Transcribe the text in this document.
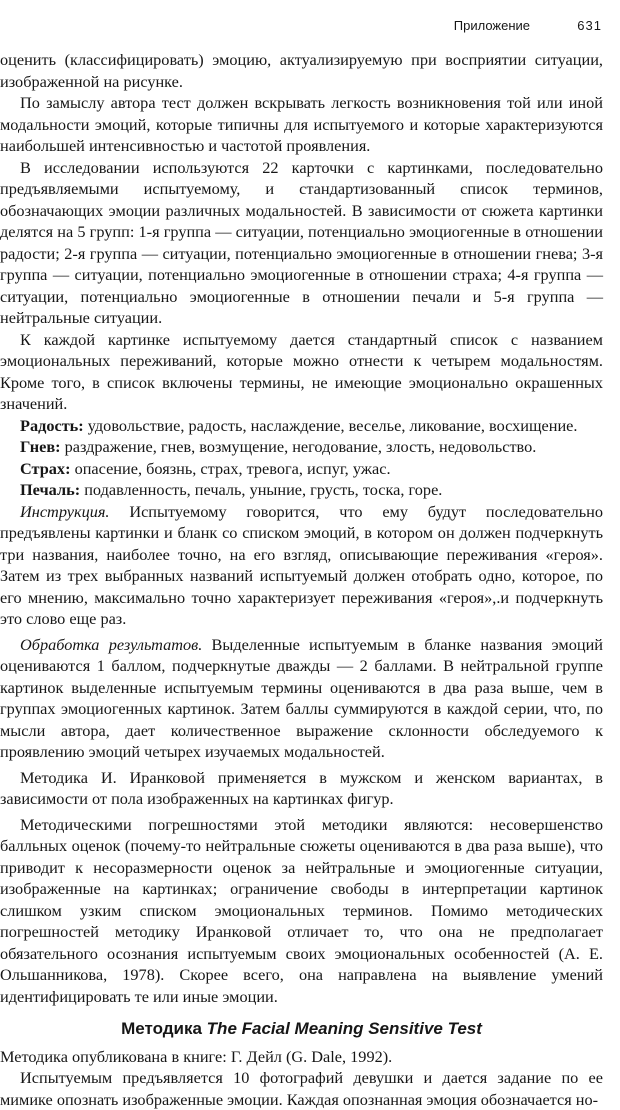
Приложение	631

оценить (классифицировать) эмоцию, актуализируемую при восприятии ситуации, изображенной на рисунке.

По замыслу автора тест должен вскрывать легкость возникновения той или иной модальности эмоций, которые типичны для испытуемого и которые характеризуются наибольшей интенсивностью и частотой проявления.

В исследовании используются 22 карточки с картинками, последовательно предъявляемыми испытуемому, и стандартизованный список терминов, обозначающих эмоции различных модальностей. В зависимости от сюжета картинки делятся на 5 групп: 1-я группа — ситуации, потенциально эмоциогенные в отношении радости; 2-я группа — ситуации, потенциально эмоциогенные в отношении гнева; 3-я группа — ситуации, потенциально эмоциогенные в отношении страха; 4-я группа — ситуации, потенциально эмоциогенные в отношении печали и 5-я группа — нейтральные ситуации.

К каждой картинке испытуемому дается стандартный список с названием эмоциональных переживаний, которые можно отнести к четырем модальностям. Кроме того, в список включены термины, не имеющие эмоционально окрашенных значений.

Радость: удовольствие, радость, наслаждение, веселье, ликование, восхищение.

Гнев: раздражение, гнев, возмущение, негодование, злость, недовольство.

Страх: опасение, боязнь, страх, тревога, испуг, ужас.

Печаль: подавленность, печаль, уныние, грусть, тоска, горе.

Инструкция. Испытуемому говорится, что ему будут последовательно предъявлены картинки и бланк со списком эмоций, в котором он должен подчеркнуть три названия, наиболее точно, на его взгляд, описывающие переживания «героя». Затем из трех выбранных названий испытуемый должен отобрать одно, которое, по его мнению, максимально точно характеризует переживания «героя»,.и подчеркнуть это слово еще раз.

Обработка результатов. Выделенные испытуемым в бланке названия эмоций оцениваются 1 баллом, подчеркнутые дважды — 2 баллами. В нейтральной группе картинок выделенные испытуемым термины оцениваются в два раза выше, чем в группах эмоциогенных картинок. Затем баллы суммируются в каждой серии, что, по мысли автора, дает количественное выражение склонности обследуемого к проявлению эмоций четырех изучаемых модальностей.

Методика И. Иранковой применяется в мужском и женском вариантах, в зависимости от пола изображенных на картинках фигур.

Методическими погрешностями этой методики являются: несовершенство балльных оценок (почему-то нейтральные сюжеты оцениваются в два раза выше), что приводит к несоразмерности оценок за нейтральные и эмоциогенные ситуации, изображенные на картинках; ограничение свободы в интерпретации картинок слишком узким списком эмоциональных терминов. Помимо методических погрешностей методику Иранковой отличает то, что она не предполагает обязательного осознания испытуемым своих эмоциональных особенностей (А. Е. Ольшанникова, 1978). Скорее всего, она направлена на выявление умений идентифицировать те или иные эмоции.

Методика The Facial Meaning Sensitive Test

Методика опубликована в книге: Г. Дейл (G. Dale, 1992).

Испытуемым предъявляется 10 фотографий девушки и дается задание по ее мимике опознать изображенные эмоции. Каждая опознанная эмоция обозначается но-
